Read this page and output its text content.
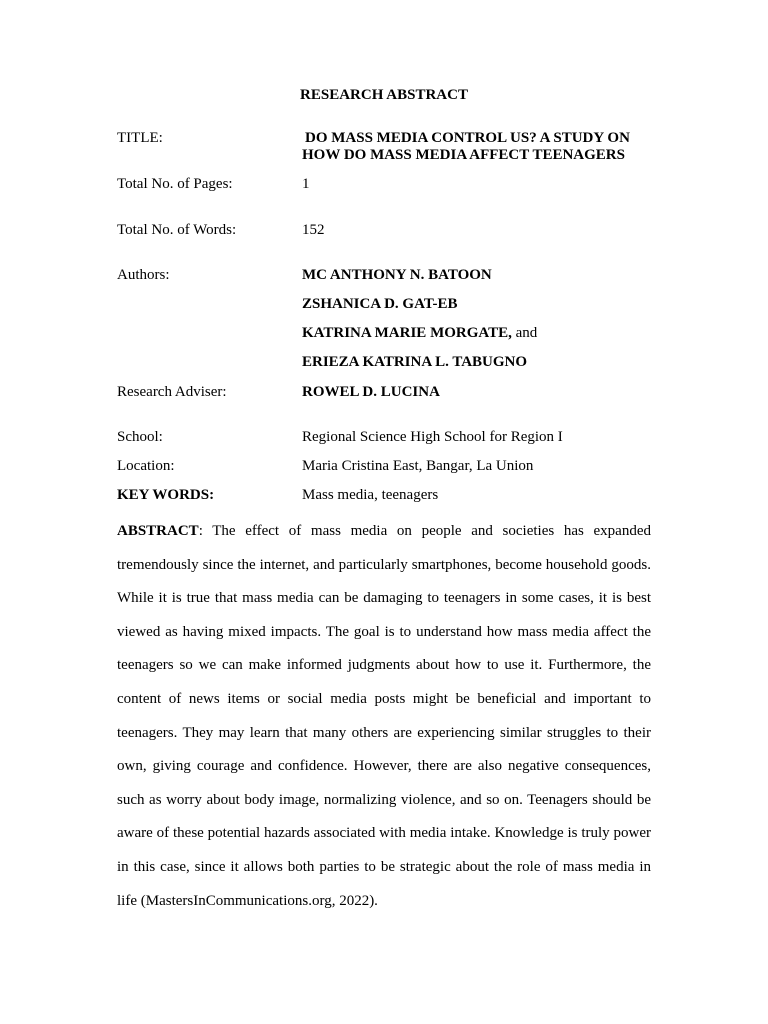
RESEARCH ABSTRACT
TITLE:	DO MASS MEDIA CONTROL US? A STUDY ON
HOW DO MASS MEDIA AFFECT TEENAGERS
Total No. of Pages:	1
Total No. of Words:	152
Authors:	MC ANTHONY N. BATOON
ZSHANICA D. GAT-EB
KATRINA MARIE MORGATE, and
ERIEZA KATRINA L. TABUGNO
Research Adviser:	ROWEL D. LUCINA
School:	Regional Science High School for Region I
Location:	Maria Cristina East, Bangar, La Union
KEY WORDS:	Mass media, teenagers
ABSTRACT: The effect of mass media on people and societies has expanded tremendously since the internet, and particularly smartphones, become household goods. While it is true that mass media can be damaging to teenagers in some cases, it is best viewed as having mixed impacts. The goal is to understand how mass media affect the teenagers so we can make informed judgments about how to use it. Furthermore, the content of news items or social media posts might be beneficial and important to teenagers. They may learn that many others are experiencing similar struggles to their own, giving courage and confidence. However, there are also negative consequences, such as worry about body image, normalizing violence, and so on. Teenagers should be aware of these potential hazards associated with media intake. Knowledge is truly power in this case, since it allows both parties to be strategic about the role of mass media in life (MastersInCommunications.org, 2022).
